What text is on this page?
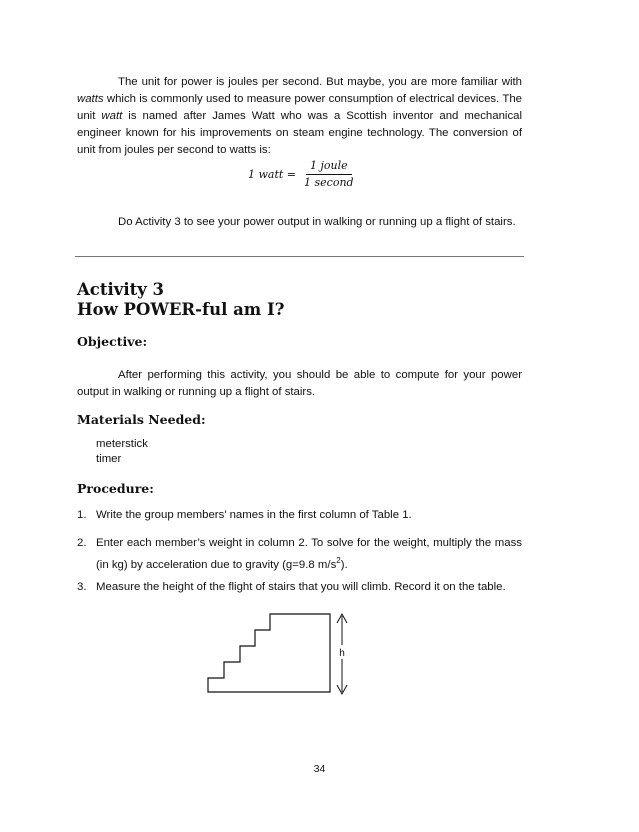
The unit for power is joules per second. But maybe, you are more familiar with watts which is commonly used to measure power consumption of electrical devices. The unit watt is named after James Watt who was a Scottish inventor and mechanical engineer known for his improvements on steam engine technology. The conversion of unit from joules per second to watts is:

1 watt = $\frac{\text{1 joule}}{\text{1 second}}$

Do Activity 3 to see your power output in walking or running up a flight of stairs.

Activity 3
How POWER-ful am I?
Objective:

After performing this activity, you should be able to compute for your power output in walking or running up a flight of stairs.

Materials Needed:
meterstick
timer
Procedure:
1. Write the group members’ names in the first column of Table 1.
2. Enter each member’s weight in column 2. To solve for the weight, multiply the mass (in kg) by acceleration due to gravity (g=9.8 $m/s^2$).
3. Measure the height of the flight of stairs that you will climb. Record it on the table.
h
34
